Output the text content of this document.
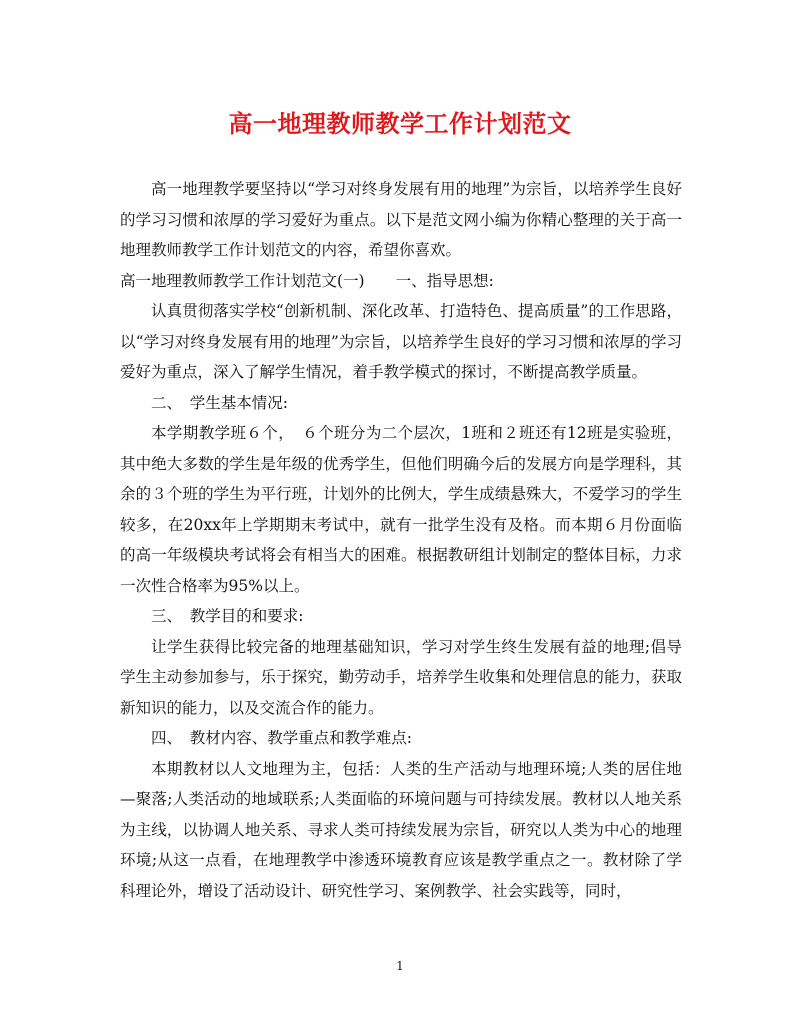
高一地理教师教学工作计划范文

高一地理教学要坚持以“学习对终身发展有用的地理”为宗旨，以培养学生良好的学习习惯和浓厚的学习爱好为重点。以下是范文网小编为你精心整理的关于高一地理教师教学工作计划范文的内容，希望你喜欢。

高一地理教师教学工作计划范文(一)　　一、指导思想:

认真贯彻落实学校“创新机制、深化改革、打造特色、提高质量”的工作思路，以“学习对终身发展有用的地理”为宗旨，以培养学生良好的学习习惯和浓厚的学习爱好为重点，深入了解学生情况，着手教学模式的探讨，不断提高教学质量。

二、　学生基本情况:

本学期教学班６个，　６个班分为二个层次，1班和２班还有12班是实验班，其中绝大多数的学生是年级的优秀学生，但他们明确今后的发展方向是学理科，其余的３个班的学生为平行班，计划外的比例大，学生成绩悬殊大，不爱学习的学生较多，在20xx年上学期期末考试中，就有一批学生没有及格。而本期６月份面临的高一年级模块考试将会有相当大的困难。根据教研组计划制定的整体目标，力求一次性合格率为95%以上。

三、　教学目的和要求:

让学生获得比较完备的地理基础知识，学习对学生终生发展有益的地理;倡导学生主动参加参与，乐于探究，勤劳动手，培养学生收集和处理信息的能力，获取新知识的能力，以及交流合作的能力。

四、　教材内容、教学重点和教学难点:

本期教材以人文地理为主，包括：人类的生产活动与地理环境;人类的居住地—聚落;人类活动的地域联系;人类面临的环境问题与可持续发展。教材以人地关系为主线，以协调人地关系、寻求人类可持续发展为宗旨，研究以人类为中心的地理环境;从这一点看，在地理教学中渗透环境教育应该是教学重点之一。教材除了学科理论外，增设了活动设计、研究性学习、案例教学、社会实践等，同时，

1
